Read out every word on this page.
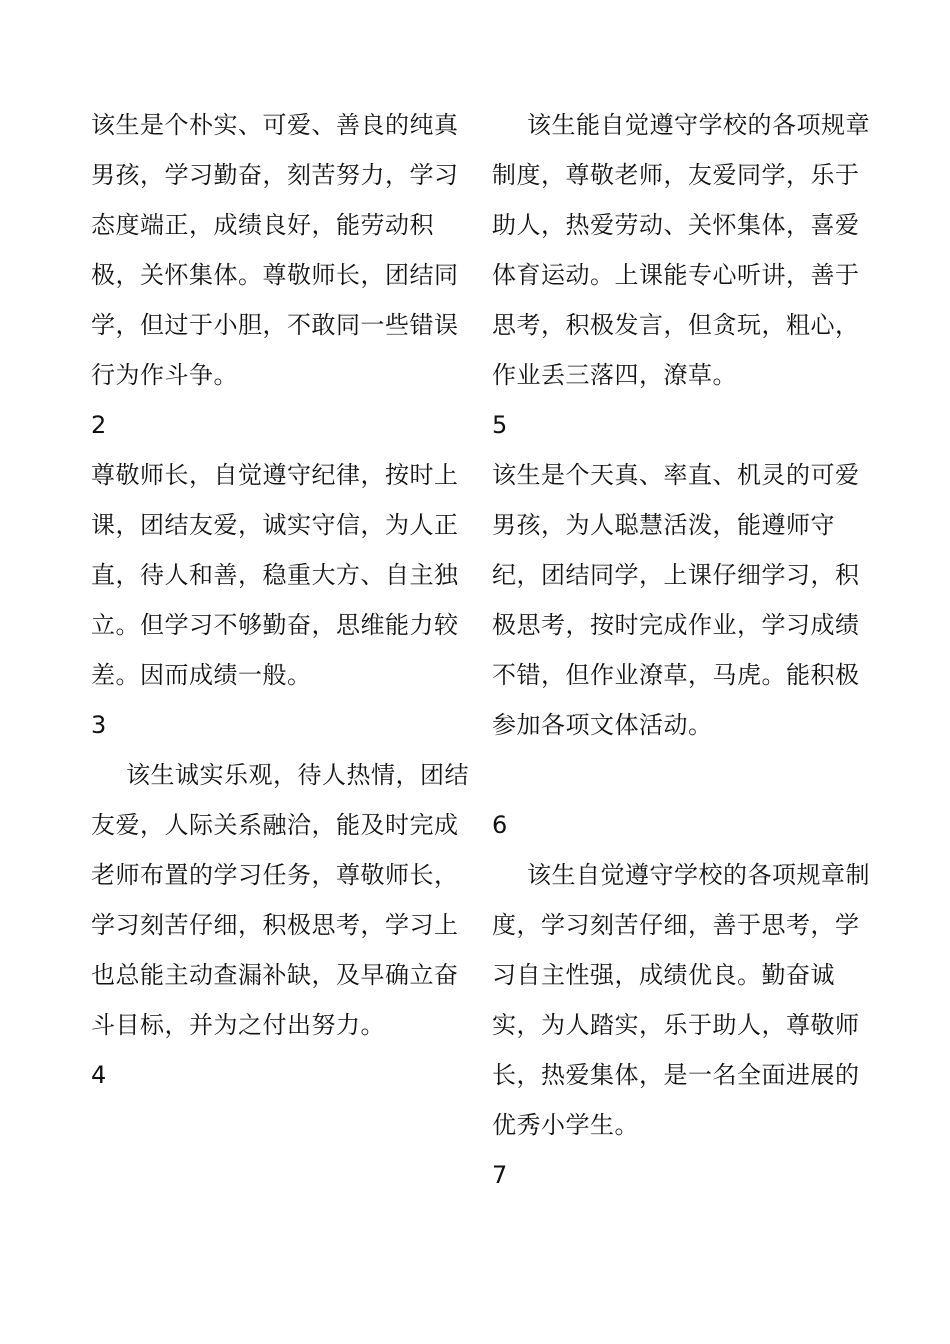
该生是个朴实、可爱、善良的纯真男孩，学习勤奋，刻苦努力，学习态度端正，成绩良好，能劳动积极，关怀集体。尊敬师长，团结同学，但过于小胆，不敢同一些错误行为作斗争。

2

尊敬师长，自觉遵守纪律，按时上课，团结友爱，诚实守信，为人正直，待人和善，稳重大方、自主独立。但学习不够勤奋，思维能力较差。因而成绩一般。

3

该生诚实乐观，待人热情，团结友爱，人际关系融洽，能及时完成老师布置的学习任务，尊敬师长，学习刻苦仔细，积极思考，学习上也总能主动查漏补缺，及早确立奋斗目标，并为之付出努力。

4

该生能自觉遵守学校的各项规章制度，尊敬老师，友爱同学，乐于助人，热爱劳动、关怀集体，喜爱体育运动。上课能专心听讲，善于思考，积极发言，但贪玩，粗心，作业丢三落四，潦草。

5

该生是个天真、率直、机灵的可爱男孩，为人聪慧活泼，能遵师守纪，团结同学，上课仔细学习，积极思考，按时完成作业，学习成绩不错，但作业潦草，马虎。能积极参加各项文体活动。

6

该生自觉遵守学校的各项规章制度，学习刻苦仔细，善于思考，学习自主性强，成绩优良。勤奋诚实，为人踏实，乐于助人，尊敬师长，热爱集体，是一名全面进展的优秀小学生。

7
